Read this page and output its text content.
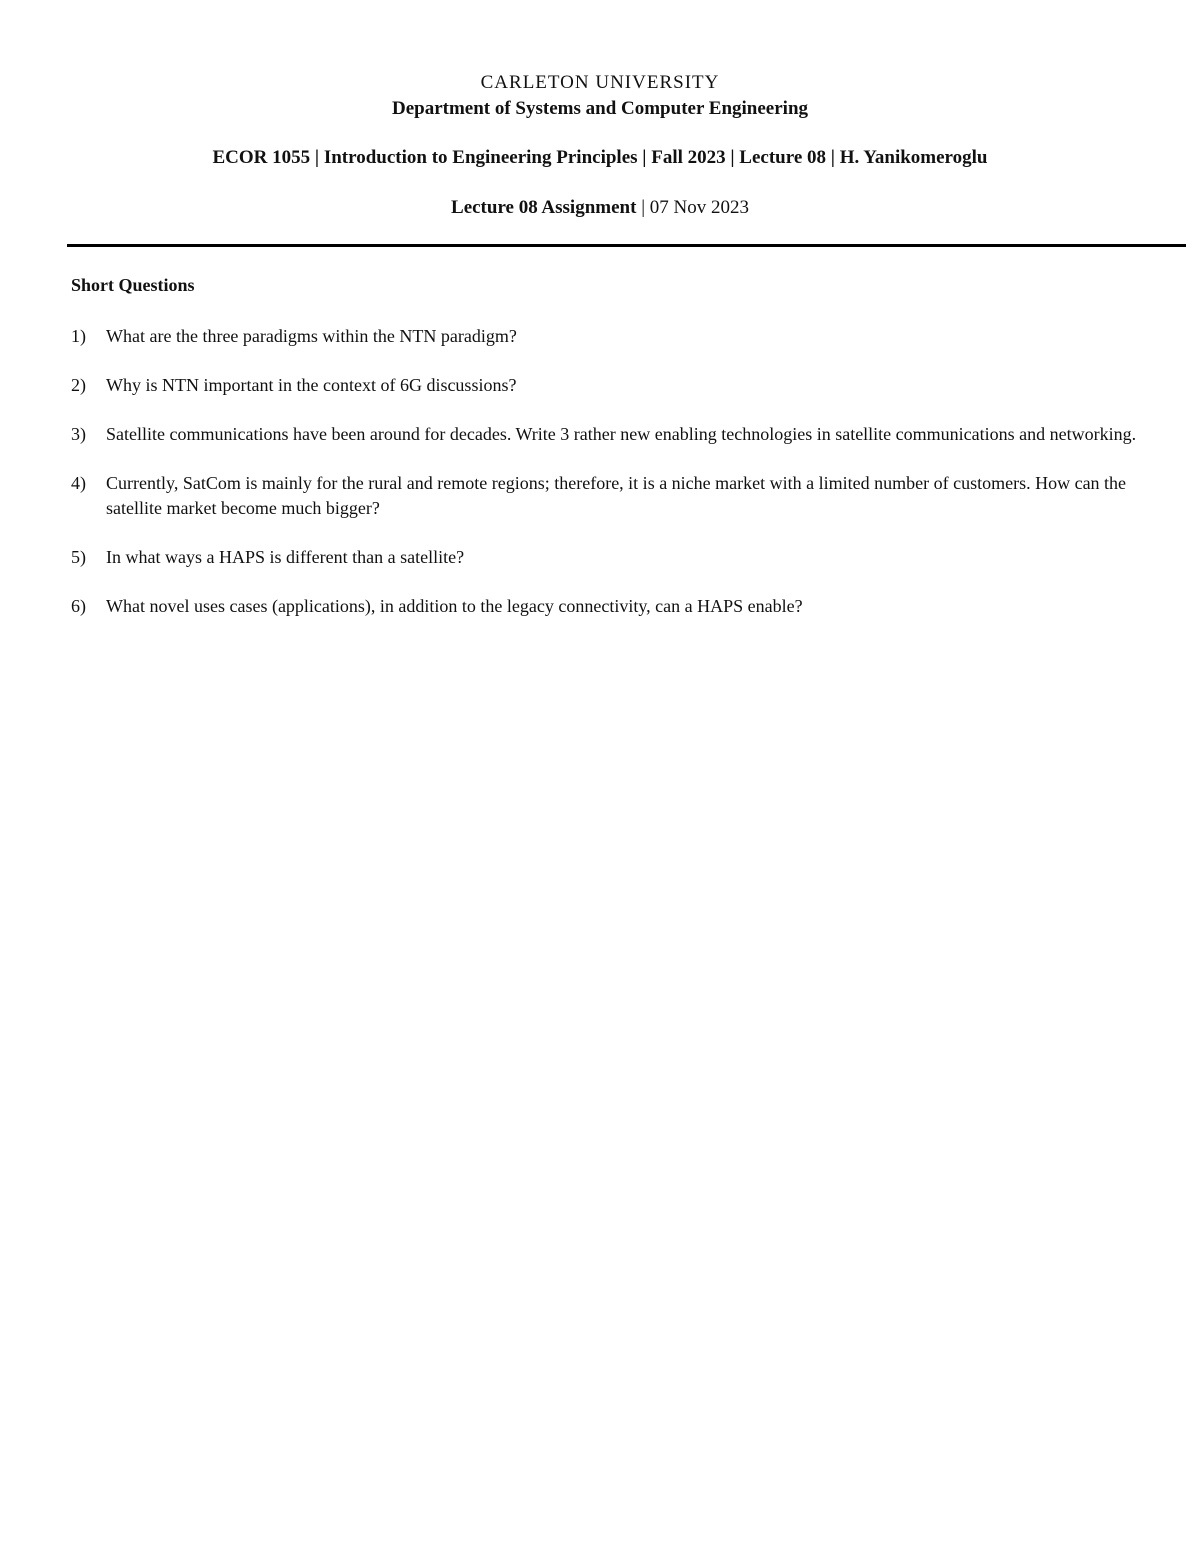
CARLETON UNIVERSITY
Department of Systems and Computer Engineering
ECOR 1055 | Introduction to Engineering Principles | Fall 2023 | Lecture 08 | H. Yanikomeroglu
Lecture 08 Assignment | 07 Nov 2023
Short Questions
1)	What are the three paradigms within the NTN paradigm?
2)	Why is NTN important in the context of 6G discussions?
3)	Satellite communications have been around for decades. Write 3 rather new enabling technologies in satellite communications and networking.
4)	Currently, SatCom is mainly for the rural and remote regions; therefore, it is a niche market with a limited number of customers. How can the satellite market become much bigger?
5)	In what ways a HAPS is different than a satellite?
6)	What novel uses cases (applications), in addition to the legacy connectivity, can a HAPS enable?
